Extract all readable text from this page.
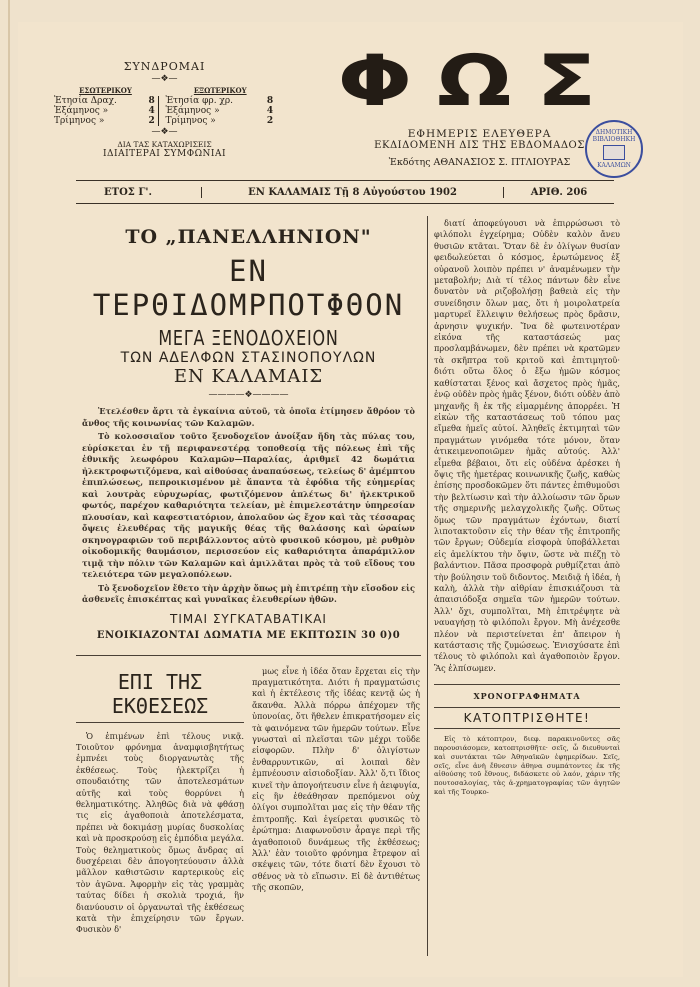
ΣΥΝΔΡΟΜΑΙ
—❖—
ΕΣΩΤΕΡΙΚΟΥ			ΕΞΩΤΕΡΙΚΟΥ	
Ἐτησία Δραχ.	8		Ἐτησία φρ. χρ.	8
Ἑξάμηνος »	4		Ἑξάμηνος »	4
Τρίμηνος »	2		Τρίμηνος »	2
—❖—
ΔΙΑ ΤΑΣ ΚΑΤΑΧΩΡΙΣΕΙΣ
ΙΔΙΑΙΤΕΡΑΙ ΣΥΜΦΩΝΙΑΙ
ΦΩΣ
ΕΦΗΜΕΡΙΣ ΕΛΕΥΘΕΡΑ
ΕΚΔΙΔΟΜΕΝΗ ΔΙΣ ΤΗΣ ΕΒΔΟΜΑΔΟΣ
Ἐκδότης ΑΘΑΝΑΣΙΟΣ Σ. ΠΤΛΙΟΥΡΑΣ
ΔΗΜΟΤΙΚΗ ΒΙΒΛΙΟΘΗΚΗ
ΚΑΛΑΜΩΝ
ΕΤΟΣ Γ'.	ΕΝ ΚΑΛΑΜΑΙΣ Τῇ 8 Αὐγούστου 1902	ΑΡΙΘ. 206
ΤΟ „ΠΑΝΕΛΛΗΝΙΟΝ"
ΕΝ ΤΕΡΘΙΔΟΜΡΠΟΤΦΘΟΝ
ΜΕΓΑ ΞΕΝΟΔΟΧΕΙΟΝ
ΤΩΝ ΑΔΕΛΦΩΝ ΣΤΑΣΙΝΟΠΟΥΛΩΝ
ΕΝ ΚΑΛΑΜΑΙΣ
————❖————

Ἐτελέσθεν ἄρτι τὰ ἐγκαίνια αὐτοῦ, τὰ ὁποῖα ἐτίμησεν ἄθρόον τὸ ἄνθος τῆς κοινωνίας τῶν Καλαμῶν.

Τὸ κολοσσιαῖον τοῦτο ξενοδοχεῖον ἀνοίξαν ἤδη τὰς πύλας του, εὑρίσκεται ἐν τῇ περιφανεστέρᾳ τοποθεσίᾳ τῆς πόλεως ἐπὶ τῆς ἐθνικῆς λεωφόρου Καλαμῶν—Παραλίας, ἀριθμεῖ 42 δωμάτια ἠλεκτροφωτιζόμενα, καὶ αἰθούσας ἀναπαύσεως, τελείως δ' ἀμέμπτου ἐπιπλώσεως, πεπροικισμένον μὲ ἅπαντα τὰ ἐφόδια τῆς εὐημερίας καὶ λουτρὰς εὐρυχωρίας, φωτιζόμενον ἀπλέτως δι' ἠλεκτρικοῦ φωτός, παρέχον καθαριότητα τελείαν, μὲ ἐπιμελεστάτην ὑπηρεσίαν πλουσίαν, καὶ καφεστιατόριον, ἀπολαῦον ὡς ἔχον καὶ τὰς τέσσαρας ὄψεις ἐλευθέρας τῆς μαγικῆς θέας τῆς θαλάσσης καὶ ὡραίων σκηνογραφιῶν τοῦ περιβάλλοντος αὐτὸ φυσικοῦ κόσμου, μὲ ρυθμὸν οἰκοδομικῆς θαυμάσιον, περισσεύον εἰς καθαριότητα ἀπαράμιλλον τιμᾷ τὴν πόλιν τῶν Καλαμῶν καὶ ἁμιλλᾶται πρὸς τὰ τοῦ εἴδους του τελειότερα τῶν μεγαλοπόλεων.

Τὸ ξενοδοχεῖον ἔθετο τὴν ἀρχὴν ὅπως μὴ ἐπιτρέπῃ τὴν εἴσοδον εἰς ἀσθενεῖς ἐπισκέπτας καὶ γυναῖκας ἐλευθερίων ἠθῶν.

ΤΙΜΑΙ ΣΥΓΚΑΤΑΒΑΤΙΚΑΙ
ΕΝΟΙΚΙΑΖΟΝΤΑΙ ΔΩΜΑΤΙΑ ΜΕ ΕΚΠΤΩΣΙΝ 30 0)0
ΕΠΙ ΤΗΣ ΕΚΘΕΣΕΩΣ

Ὁ ἐπιμένων ἐπὶ τέλους νικᾷ. Τοιοῦτον φρόνημα ἀναμφισβητήτως ἐμπνέει τοὺς διοργανωτὰς τῆς ἐκθέσεως. Τοὺς ἠλεκτρίζει ἡ σπουδαιότης τῶν ἀποτελεσμάτων αὐτῆς καὶ τοὺς θορρύνει ἡ θεληματικότης. Ἀληθῶς διὰ νὰ φθάσῃ τις εἰς ἀγαθοποιὰ ἀποτελέσματα, πρέπει νὰ δοκιμάσῃ μυρίας δυσκολίας καὶ νὰ προσκρούσῃ εἰς ἐμπόδια μεγάλα. Τοὺς θεληματικοὺς ὅμως ἄνδρας αἱ δυσχέρειαι δὲν ἀπογοητεύουσιν ἀλλὰ μᾶλλον καθιστῶσιν καρτερικοὺς εἰς τὸν ἀγῶνα. Ἀφορμὴν εἰς τὰς γραμμὰς ταύτας δίδει ἡ σκολιὰ τροχιά, ἣν διανύουσιν οἱ ὀργανωταὶ τῆς ἐκθέσεως κατὰ τὴν ἐπιχείρησιν τῶν ἔργων. Φυσικὸν δ'

μως εἶνε ἡ ἰδέα ὅταν ἔρχεται εἰς τὴν πραγματικότητα. Διότι ἡ πραγματώσις καὶ ἡ ἐκτέλεσις τῆς ἰδέας κεντᾷ ὡς ἡ ἄκανθα. Ἀλλὰ πόρρω ἀπέχομεν τῆς ὑπονοίας, ὅτι ἤθελεν ἐπικρατήσομεν εἰς τὰ φαινόμενα τῶν ἡμερῶν τούτων. Εἶνε γνωσταὶ αἱ πλεῖσται τῶν μέχρι τοῦδε εἰσφορῶν. Πλὴν δ' ὀλιγίστων ἐνθαρρυντικῶν, αἱ λοιπαὶ δὲν ἐμπνέουσιν αἰσιοδοξίαν. Ἀλλ' ὅ,τι ἴδιος κινεῖ τὴν ἀπογοήτευσιν εἶνε ἡ ἀειφυγία, εἰς ἣν ἐθεάθησαν πρεπόμενοι οὐχ ὀλίγοι συμπολῖται μας εἰς τὴν θέαν τῆς ἐπιτροπῆς. Καὶ ἐγείρεται φυσικῶς τὸ ἐρώτημα: Διαφωνοῦσιν ἆραγε περὶ τῆς ἀγαθοποιοῦ δυνάμεως τῆς ἐκθέσεως; Ἀλλ' ἐὰν τοιοῦτο φρόνημα ἔτρεφον αἱ σκέψεις τῶν, τότε διατί δὲν ἔχουσι τὸ σθένος νὰ τὸ εἴπωσιν. Εἰ δὲ ἀντιθέτως τῆς σκοπῶν,

διατί ἀποφεύγουσι νὰ ἐπιρρώσωσι τὸ φιλόπολι ἐγχείρημα; Οὐδὲν καλὸν ἄνευ θυσιῶν κτᾶται. Ὅταν δὲ ἐν ὀλίγων θυσίαν φειδωλεύεται ὁ κόσμος, ἐρωτώμενος ἐξ οὐρανοῦ λοιπὸν πρέπει ν' ἀναμένωμεν τὴν μεταβολήν; Διὰ τί τέλος πάντων δὲν εἶνε δυνατὸν νὰ ριζοβολήσῃ βαθειὰ εἰς τὴν συνείδησιν ὅλων μας, ὅτι ἡ μοιρολατρεία μαρτυρεῖ ἔλλειψιν θελήσεως πρὸς δρᾶσιν, ἀρνησιν ψυχικήν. Ἵνα δὲ φωτεινοτέραν εἰκόνα τῆς καταστάσεώς μας προσλαμβάνωμεν, δὲν πρέπει νὰ κρατῶμεν τὰ σκῆπτρα τοῦ κριτοῦ καὶ ἐπιτιμητοῦ· διότι οὕτω ὅλος ὁ ἔξω ἡμῶν κόσμος καθίσταται ξένος καὶ ἄσχετος πρὸς ἡμᾶς, ἐνῷ οὐδὲν πρὸς ἡμᾶς ξένον, διότι οὐδὲν ἀπὸ μηχανῆς ἢ ἐκ τῆς εἱμαρμένης ἀπορρέει. Ἡ εἰκὼν τῆς καταστάσεως τοῦ τόπου μας εἴμεθα ἡμεῖς αὐτοί. Ἀληθεῖς ἐκτιμηταὶ τῶν πραγμάτων γινόμεθα τότε μόνον, ὅταν ἀτικειμενοποιῶμεν ἡμᾶς αὐτούς. Ἀλλ' εἶμεθα βέβαιοι, ὅτι εἰς οὐδένα ἀρέσκει ἡ ὄψις τῆς ἡμετέρας κοινωνικῆς ζωῆς, καθὼς ἐπίσης προσδοκῶμεν ὅτι πάντες ἐπιθυμοῦσι τὴν βελτίωσιν καὶ τὴν ἀλλοίωσιν τῶν ὅρων τῆς σημερινῆς μελαγχολικῆς ζωῆς. Οὕτως ὅμως τῶν πραγμάτων ἐχόντων, διατί λιποτακτοῦσιν εἰς τὴν θέαν τῆς ἐπιτροπῆς τῶν ἔργων; Οὐδεμία εἰσφορὰ ὑποβάλλεται εἰς ἀμελίκτου τὴν ὄψιν, ὥστε νὰ πιέζῃ τὸ βαλάντιον. Πᾶσα προσφορὰ ρυθμίζεται ἀπὸ τὴν βούλησιν τοῦ διδοντος. Μειδιᾷ ἡ ἰδέα, ἡ καλὴ, ἀλλὰ τὴν αἰθρίαν ἐπισκιάζουσι τὰ ἀπαισιόδοξα σημεῖα τῶν ἡμερῶν τούτων. Ἀλλ' ὄχι, συμπολῖται, Μὴ ἐπιτρέψητε νὰ ναυαγήσῃ τὸ φιλόπολι ἔργον. Μὴ ἀνέχεσθε πλέον νὰ περιστείνεται ἐπ' ἄπειρον ἡ κατάστασις τῆς ζυμώσεως. Ἐνισχύσατε ἐπὶ τέλους τὸ φιλόπολι καὶ ἀγαθοποιὸν ἔργον. Ἂς ἐλπίσωμεν.

ΧΡΟΝΟΓΡΑΦΗΜΑΤΑ
ΚΑΤΟΠΤΡΙΣΘΗΤΕ!

Εἰς τὸ κάτοπτρον, διεφ. παρακινοῦντες σᾶς παρουσιάσομεν, κατοπτρισθῆτε· σεῖς, ὦ διευθυνταὶ καὶ συντάκται τῶν Ἀθηναϊκῶν ἐφημερίδων. Σεῖς, σεῖς, εἶνε ἀνὴ ἔθνεσιν ἀθηνα συμπάτοντες ἐκ τῆς αἰθούσης τοῦ ἔθνους, διδάσκετε οὐ λαόν, χάριν τῆς πουτοσαλογίας, τὰς ἀ-χρηματογραφίας τῶν ἀγητῶν καὶ τῆς Τουρκο-
